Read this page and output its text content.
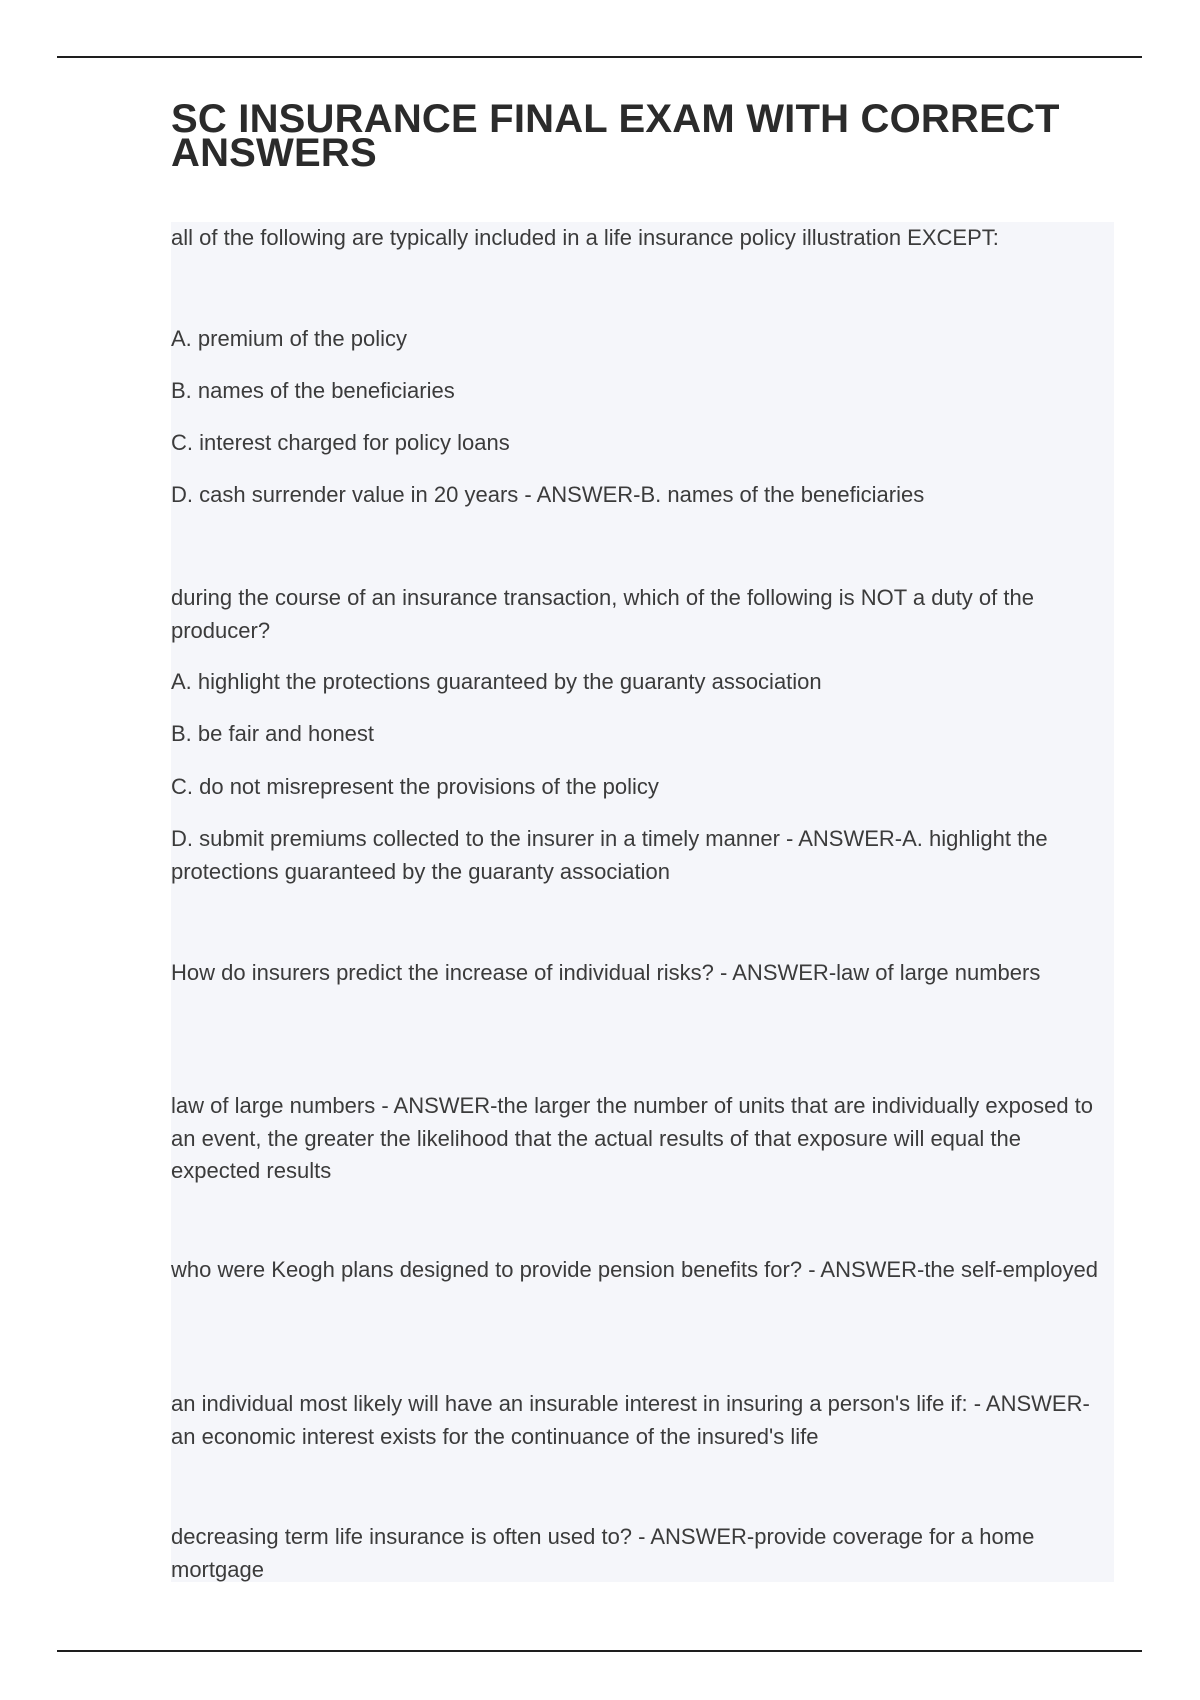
SC INSURANCE FINAL EXAM WITH CORRECT ANSWERS

all of the following are typically included in a life insurance policy illustration EXCEPT:

A. premium of the policy

B. names of the beneficiaries

C. interest charged for policy loans

D. cash surrender value in 20 years - ANSWER-B. names of the beneficiaries

during the course of an insurance transaction, which of the following is NOT a duty of the producer?

A. highlight the protections guaranteed by the guaranty association

B. be fair and honest

C. do not misrepresent the provisions of the policy

D. submit premiums collected to the insurer in a timely manner - ANSWER-A. highlight the protections guaranteed by the guaranty association

How do insurers predict the increase of individual risks? - ANSWER-law of large numbers

law of large numbers - ANSWER-the larger the number of units that are individually exposed to an event, the greater the likelihood that the actual results of that exposure will equal the expected results

who were Keogh plans designed to provide pension benefits for? - ANSWER-the self-employed

an individual most likely will have an insurable interest in insuring a person's life if: - ANSWER-an economic interest exists for the continuance of the insured's life

decreasing term life insurance is often used to? - ANSWER-provide coverage for a home mortgage
